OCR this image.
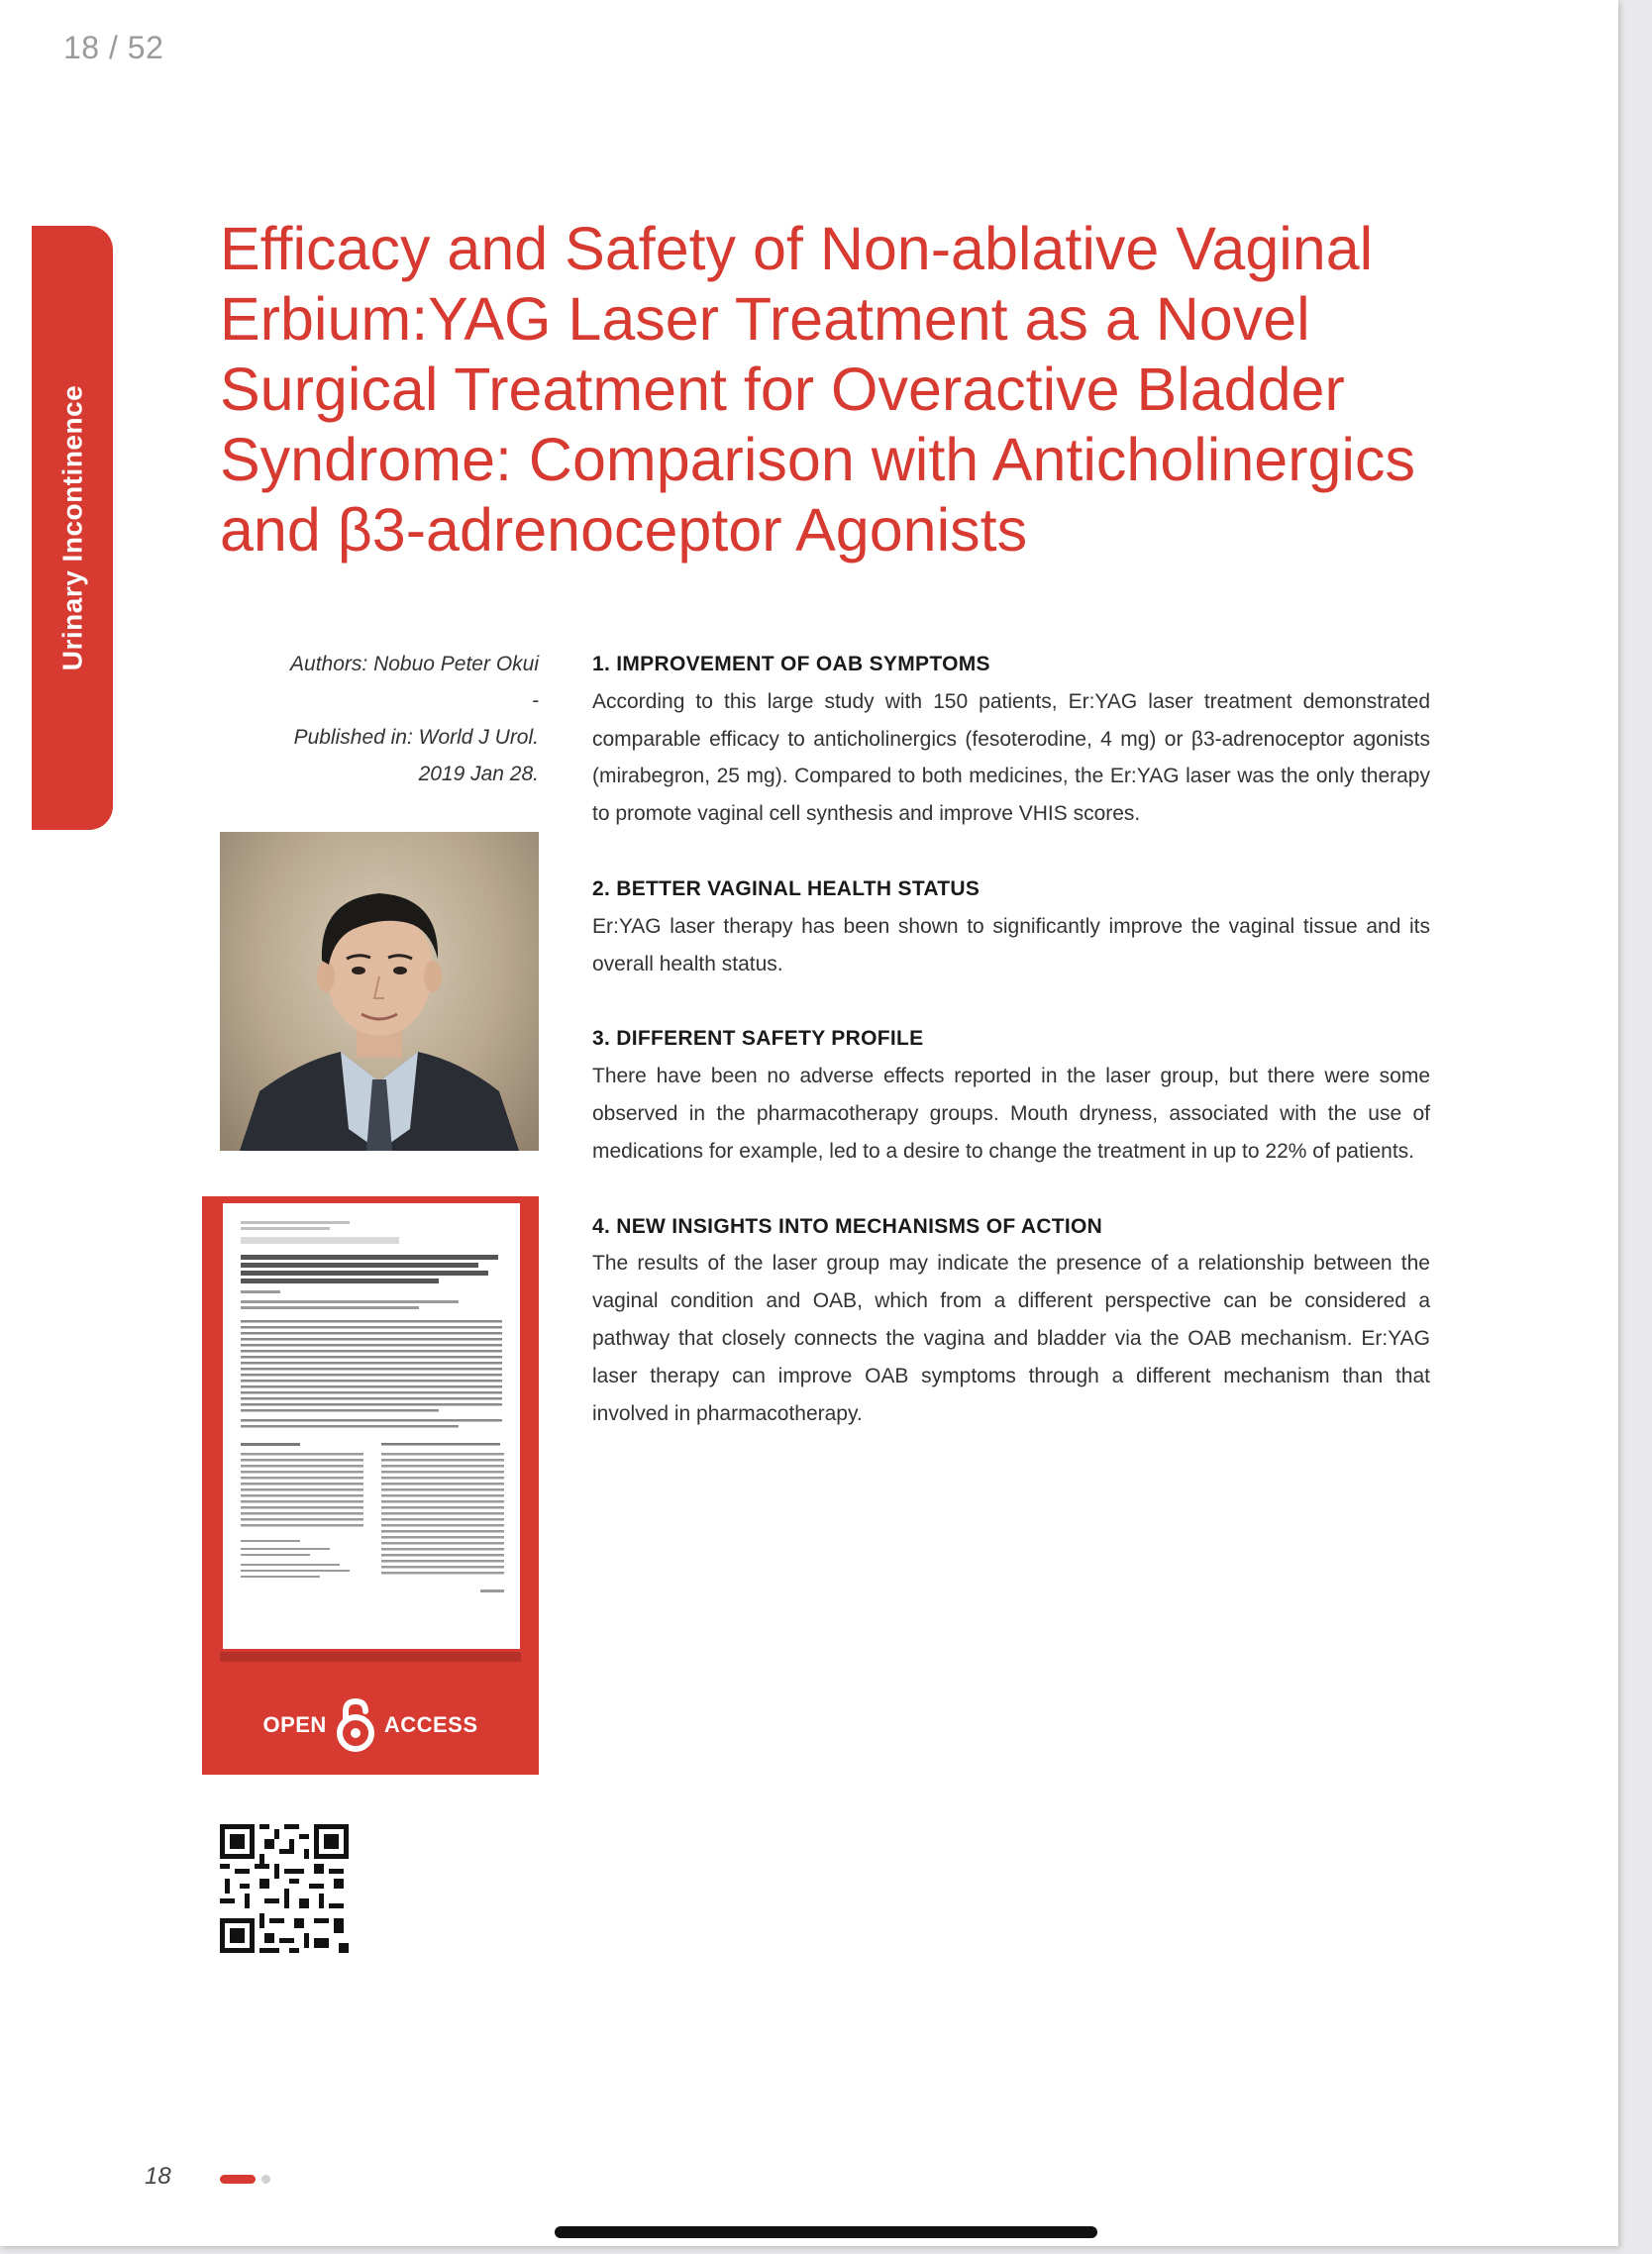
18 / 52
Urinary Incontinence
Efficacy and Safety of Non-ablative Vaginal Erbium:YAG Laser Treatment as a Novel Surgical Treatment for Overactive Bladder Syndrome: Comparison with Anticholinergics and β3-adrenoceptor Agonists
Authors: Nobuo Peter Okui
-
Published in: World J Urol.
2019 Jan 28.
OPEN	ACCESS
1. IMPROVEMENT OF OAB SYMPTOMS

According to this large study with 150 patients, Er:YAG laser treatment demonstrated comparable efficacy to anticholinergics (fesoterodine, 4 mg) or β3-adrenoceptor agonists (mirabegron, 25 mg). Compared to both medicines, the Er:YAG laser was the only therapy to promote vaginal cell synthesis and improve VHIS scores.

2. BETTER VAGINAL HEALTH STATUS

Er:YAG laser therapy has been shown to significantly improve the vaginal tissue and its overall health status.

3. DIFFERENT SAFETY PROFILE

There have been no adverse effects reported in the laser group, but there were some observed in the pharmacotherapy groups. Mouth dryness, associated with the use of medications for example, led to a desire to change the treatment in up to 22% of patients.

4. NEW INSIGHTS INTO MECHANISMS OF ACTION

The results of the laser group may indicate the presence of a relationship between the vaginal condition and OAB, which from a different perspective can be considered a pathway that closely connects the vagina and bladder via the OAB mechanism. Er:YAG laser therapy can improve OAB symptoms through a different mechanism than that involved in pharmacotherapy.

18
